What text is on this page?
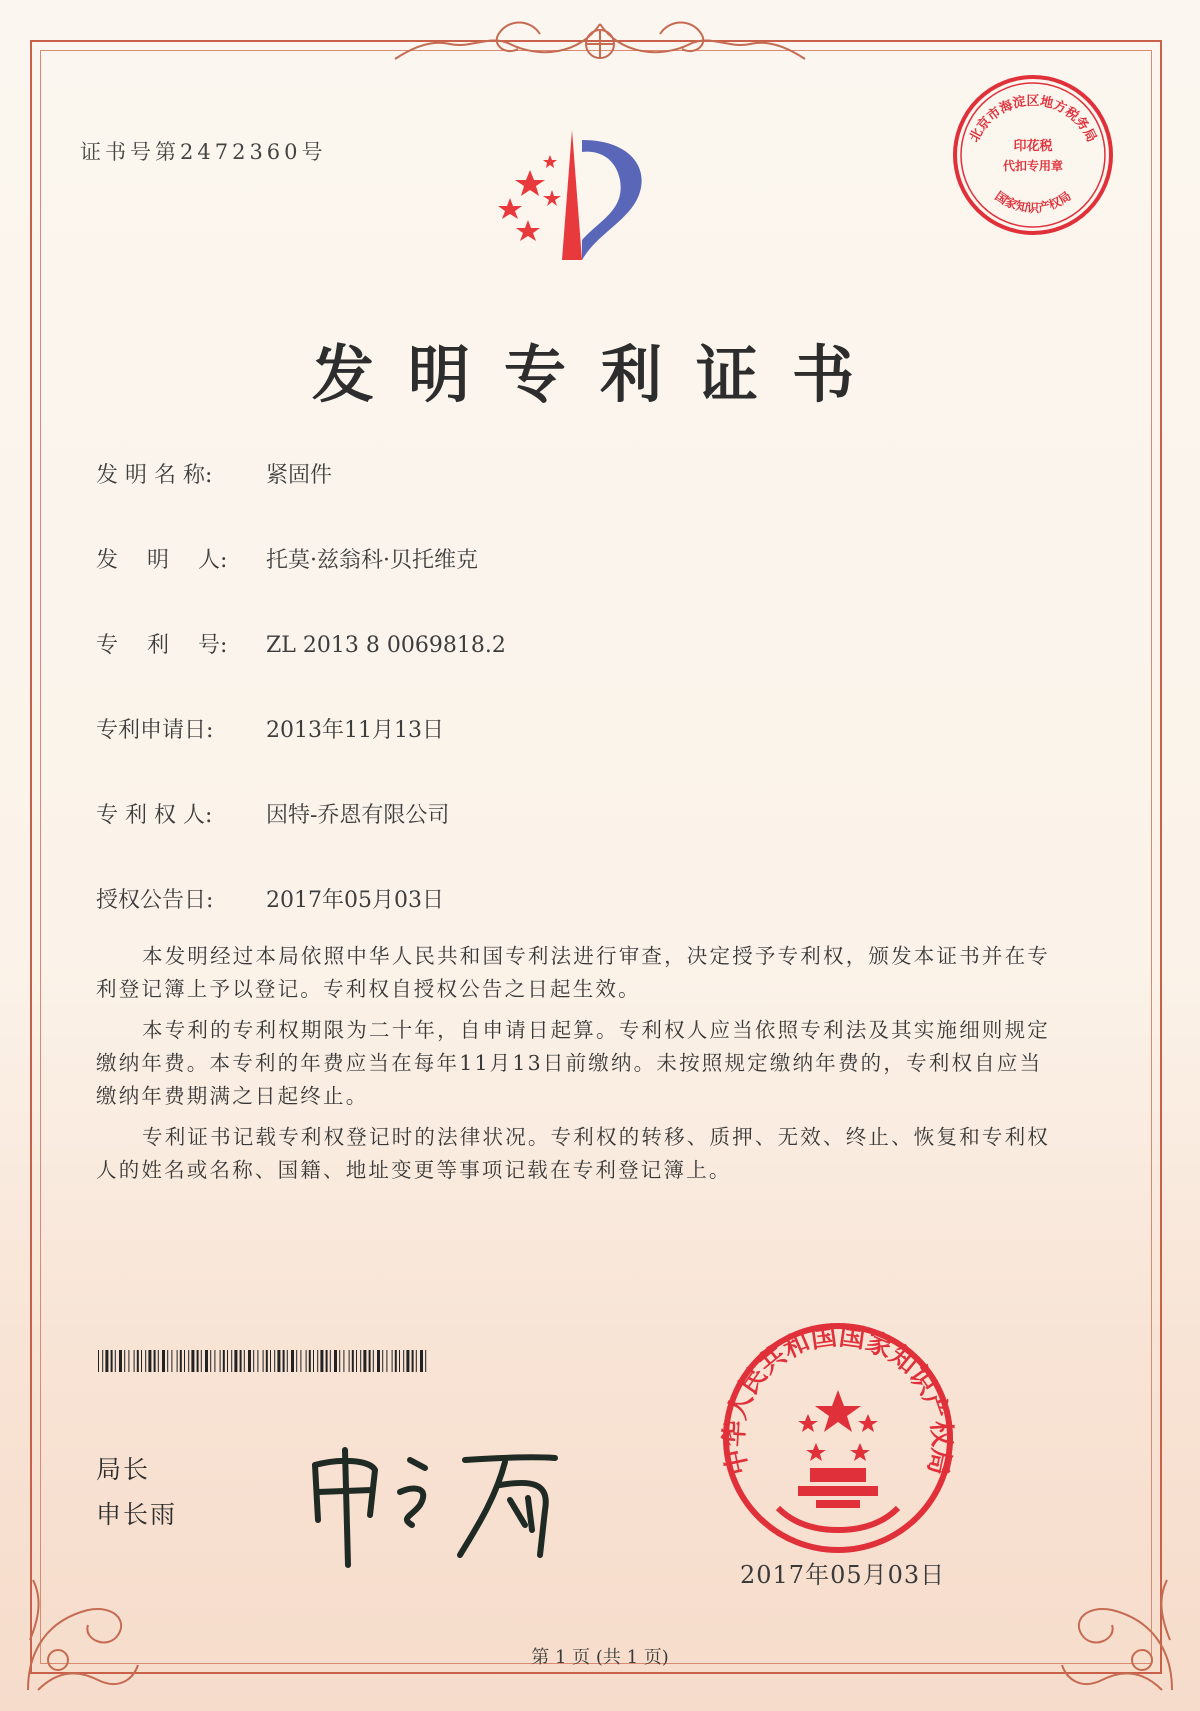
证书号第2472360号
发明专利证书
北京市海淀区地方税务局
国家知识产权局
印花税
代扣专用章
发 明 名 称: 紧固件
发　 明　 人: 托莫·兹翁科·贝托维克
专　 利　 号: ZL 2013 8 0069818.2
专利申请日: 2013年11月13日
专 利 权 人: 因特-乔恩有限公司
授权公告日: 2017年05月03日

本发明经过本局依照中华人民共和国专利法进行审查，决定授予专利权，颁发本证书并在专利登记簿上予以登记。专利权自授权公告之日起生效。

本专利的专利权期限为二十年，自申请日起算。专利权人应当依照专利法及其实施细则规定缴纳年费。本专利的年费应当在每年11月13日前缴纳。未按照规定缴纳年费的，专利权自应当缴纳年费期满之日起终止。

专利证书记载专利权登记时的法律状况。专利权的转移、质押、无效、终止、恢复和专利权人的姓名或名称、国籍、地址变更等事项记载在专利登记簿上。

局长
申长雨
中华人民共和国国家知识产权局
2017年05月03日
第 1 页 (共 1 页)
